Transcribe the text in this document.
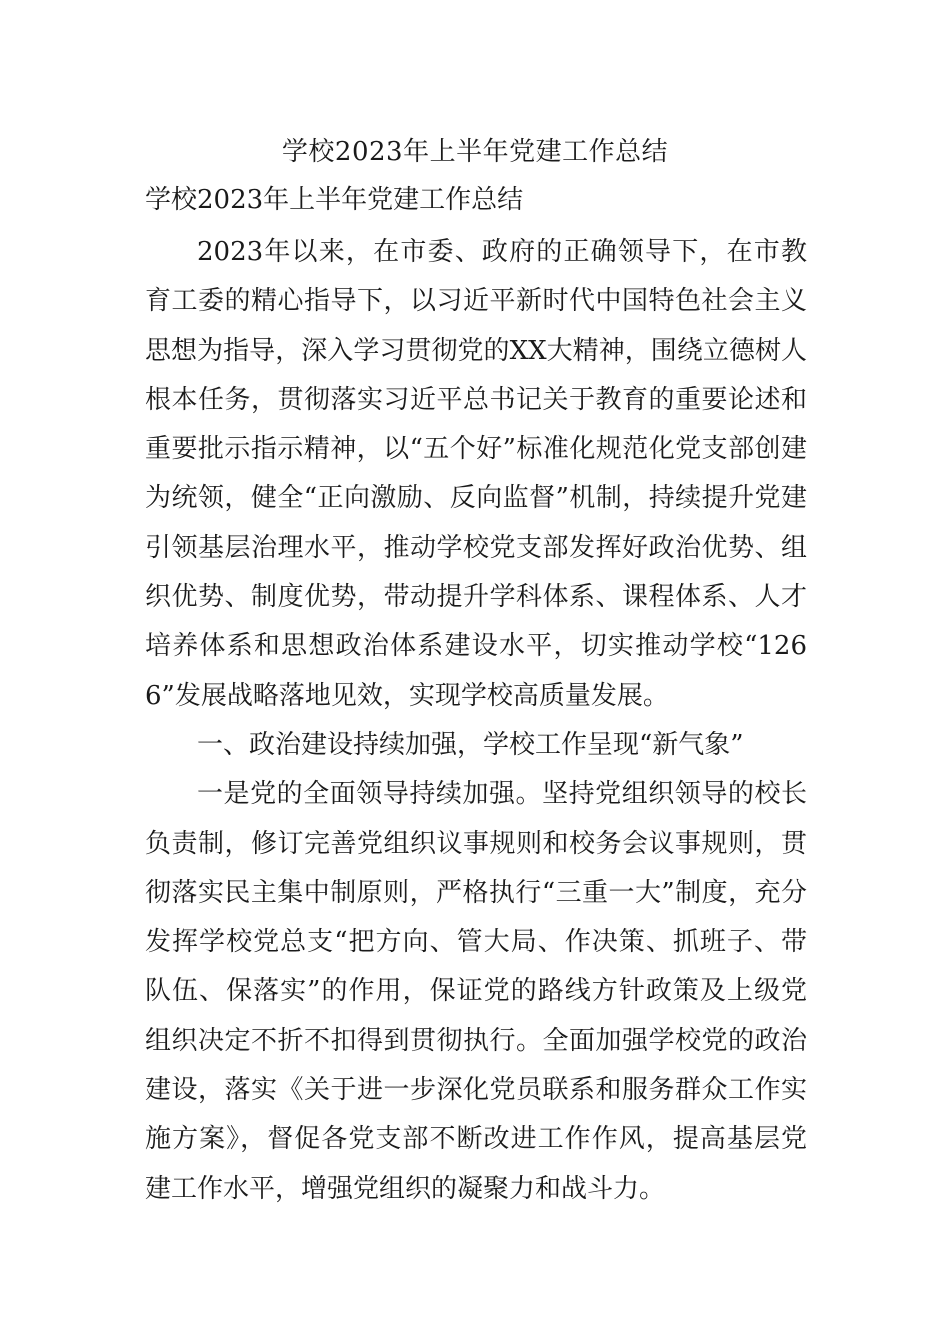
学校2023年上半年党建工作总结
学校2023年上半年党建工作总结

2023年以来，在市委、政府的正确领导下，在市教育工委的精心指导下，以习近平新时代中国特色社会主义思想为指导，深入学习贯彻党的XX大精神，围绕立德树人根本任务，贯彻落实习近平总书记关于教育的重要论述和重要批示指示精神，以“五个好”标准化规范化党支部创建为统领，健全“正向激励、反向监督”机制，持续提升党建引领基层治理水平，推动学校党支部发挥好政治优势、组织优势、制度优势，带动提升学科体系、课程体系、人才培养体系和思想政治体系建设水平，切实推动学校“1266”发展战略落地见效，实现学校高质量发展。

一、政治建设持续加强，学校工作呈现“新气象”

一是党的全面领导持续加强。坚持党组织领导的校长负责制，修订完善党组织议事规则和校务会议事规则，贯彻落实民主集中制原则，严格执行“三重一大”制度，充分发挥学校党总支“把方向、管大局、作决策、抓班子、带队伍、保落实”的作用，保证党的路线方针政策及上级党组织决定不折不扣得到贯彻执行。全面加强学校党的政治建设，落实《关于进一步深化党员联系和服务群众工作实施方案》，督促各党支部不断改进工作作风，提高基层党建工作水平，增强党组织的凝聚力和战斗力。
